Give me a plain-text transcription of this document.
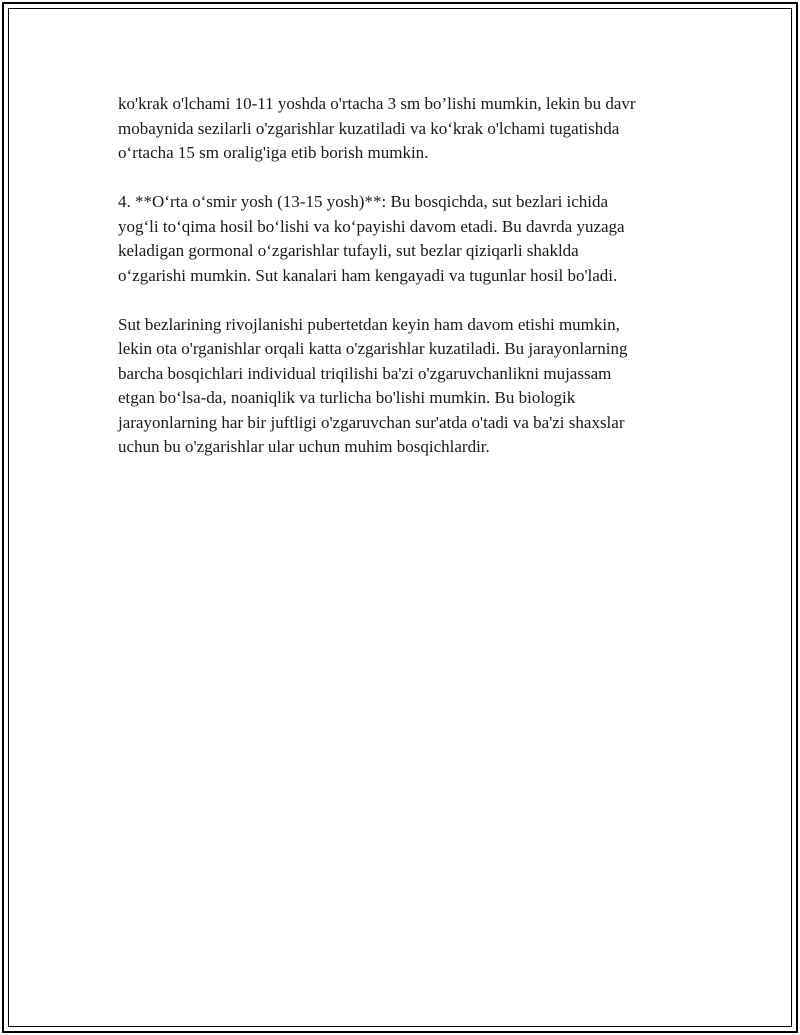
ko'krak o'lchami 10-11 yoshda o'rtacha 3 sm bo’lishi mumkin, lekin bu davr
mobaynida sezilarli o'zgarishlar kuzatiladi va ko‘krak o'lchami tugatishda
o‘rtacha 15 sm oralig'iga etib borish mumkin.

4. **O‘rta o‘smir yosh (13-15 yosh)**: Bu bosqichda, sut bezlari ichida
yog‘li to‘qima hosil bo‘lishi va ko‘payishi davom etadi. Bu davrda yuzaga
keladigan gormonal o‘zgarishlar tufayli, sut bezlar qiziqarli shaklda
o‘zgarishi mumkin. Sut kanalari ham kengayadi va tugunlar hosil bo'ladi.

Sut bezlarining rivojlanishi pubertetdan keyin ham davom etishi mumkin,
lekin ota o'rganishlar orqali katta o'zgarishlar kuzatiladi. Bu jarayonlarning
barcha bosqichlari individual triqilishi ba'zi o'zgaruvchanlikni mujassam
etgan bo‘lsa-da, noaniqlik va turlicha bo'lishi mumkin. Bu biologik
jarayonlarning har bir juftligi o'zgaruvchan sur'atda o'tadi va ba'zi shaxslar
uchun bu o'zgarishlar ular uchun muhim bosqichlardir.
